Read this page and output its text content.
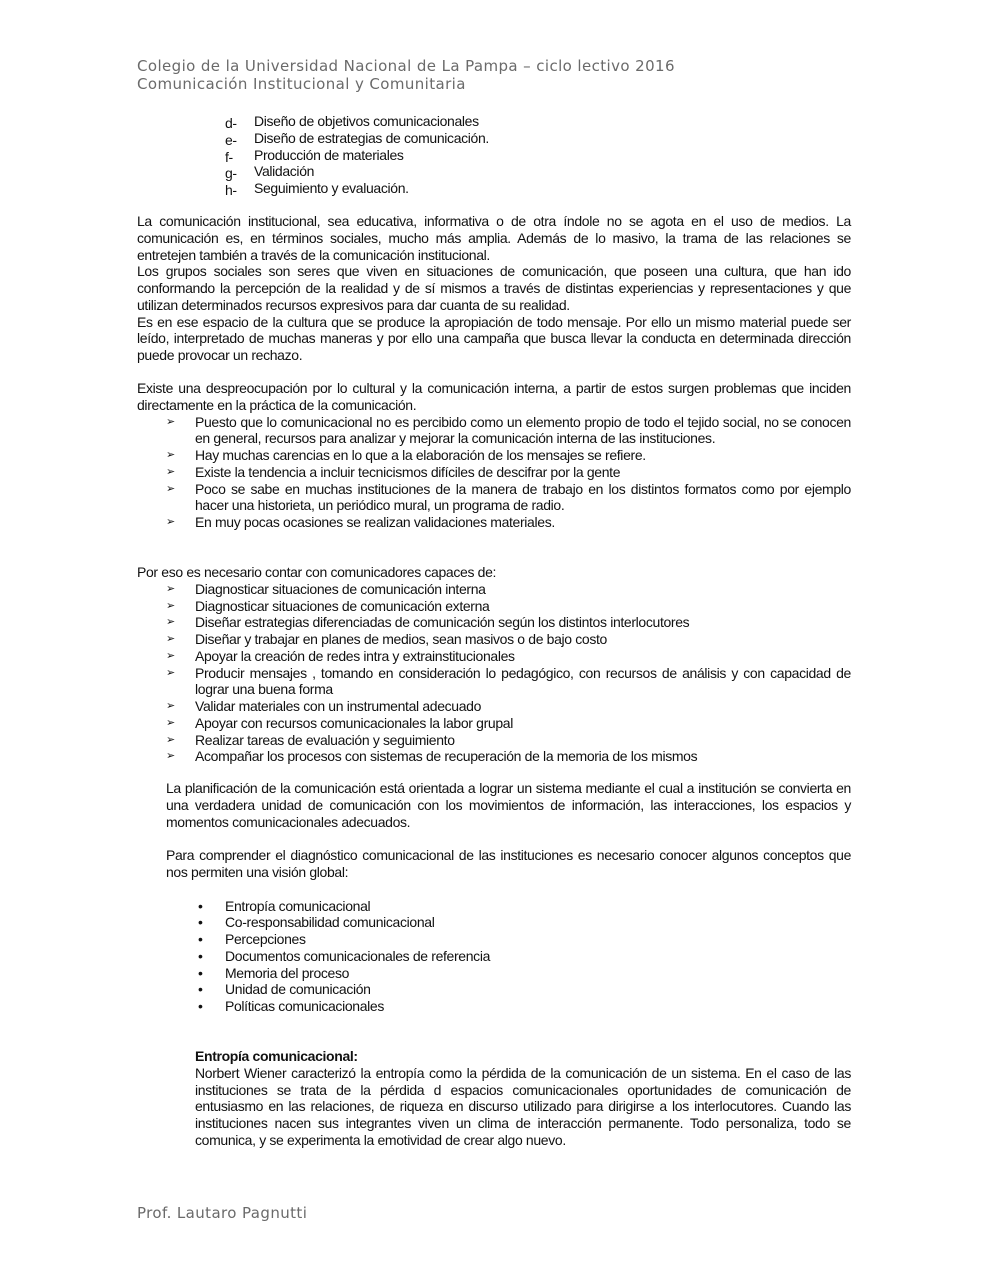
Colegio de la Universidad Nacional de La Pampa – ciclo lectivo 2016
Comunicación Institucional y Comunitaria
d- Diseño de objetivos comunicacionales
e- Diseño de estrategias de comunicación.
f- Producción de materiales
g- Validación
h- Seguimiento y evaluación.

La comunicación institucional, sea educativa, informativa o de otra índole no se agota en el uso de medios. La comunicación es, en términos sociales, mucho más amplia. Además de lo masivo, la trama de las relaciones se entretejen también a través de la comunicación institucional.

Los grupos sociales son seres que viven en situaciones de comunicación, que poseen una cultura, que han ido conformando la percepción de la realidad y de sí mismos a través de distintas experiencias y representaciones y que utilizan determinados recursos expresivos para dar cuanta de su realidad.

Es en ese espacio de la cultura que se produce la apropiación de todo mensaje. Por ello un mismo material puede ser leído, interpretado de muchas maneras y por ello una campaña que busca llevar la conducta en determinada dirección puede provocar un rechazo.

Existe una despreocupación por lo cultural y la comunicación interna, a partir de estos surgen problemas que inciden directamente en la práctica de la comunicación.

➢ Puesto que lo comunicacional no es percibido como un elemento propio de todo el tejido social, no se conocen en general, recursos para analizar y mejorar la comunicación interna de las instituciones.
➢ Hay muchas carencias en lo que a la elaboración de los mensajes se refiere.
➢ Existe la tendencia a incluir tecnicismos difíciles de descifrar por la gente
➢ Poco se sabe en muchas instituciones de la manera de trabajo en los distintos formatos como por ejemplo hacer una historieta, un periódico mural, un programa de radio.
➢ En muy pocas ocasiones se realizan validaciones materiales.

Por eso es necesario contar con comunicadores capaces de:

➢ Diagnosticar situaciones de comunicación interna
➢ Diagnosticar situaciones de comunicación externa
➢ Diseñar estrategias diferenciadas de comunicación según los distintos interlocutores
➢ Diseñar y trabajar en planes de medios, sean masivos o de bajo costo
➢ Apoyar la creación de redes intra y extrainstitucionales
➢ Producir mensajes , tomando en consideración lo pedagógico, con recursos de análisis y con capacidad de lograr una buena forma
➢ Validar materiales con un instrumental adecuado
➢ Apoyar con recursos comunicacionales la labor grupal
➢ Realizar tareas de evaluación y seguimiento
➢ Acompañar los procesos con sistemas de recuperación de la memoria de los mismos

La planificación de la comunicación está orientada a lograr un sistema mediante el cual a institución se convierta en una verdadera unidad de comunicación con los movimientos de información, las interacciones, los espacios y momentos comunicacionales adecuados.

Para comprender el diagnóstico comunicacional de las instituciones es necesario conocer algunos conceptos que nos permiten una visión global:

• Entropía comunicacional
• Co-responsabilidad comunicacional
• Percepciones
• Documentos comunicacionales de referencia
• Memoria del proceso
• Unidad de comunicación
• Políticas comunicacionales

Entropía comunicacional:

Norbert Wiener caracterizó la entropía como la pérdida de la comunicación de un sistema. En el caso de las instituciones se trata de la pérdida d espacios comunicacionales oportunidades de comunicación de entusiasmo en las relaciones, de riqueza en discurso utilizado para dirigirse a los interlocutores. Cuando las instituciones nacen sus integrantes viven un clima de interacción permanente. Todo personaliza, todo se comunica, y se experimenta la emotividad de crear algo nuevo.

Prof. Lautaro Pagnutti
